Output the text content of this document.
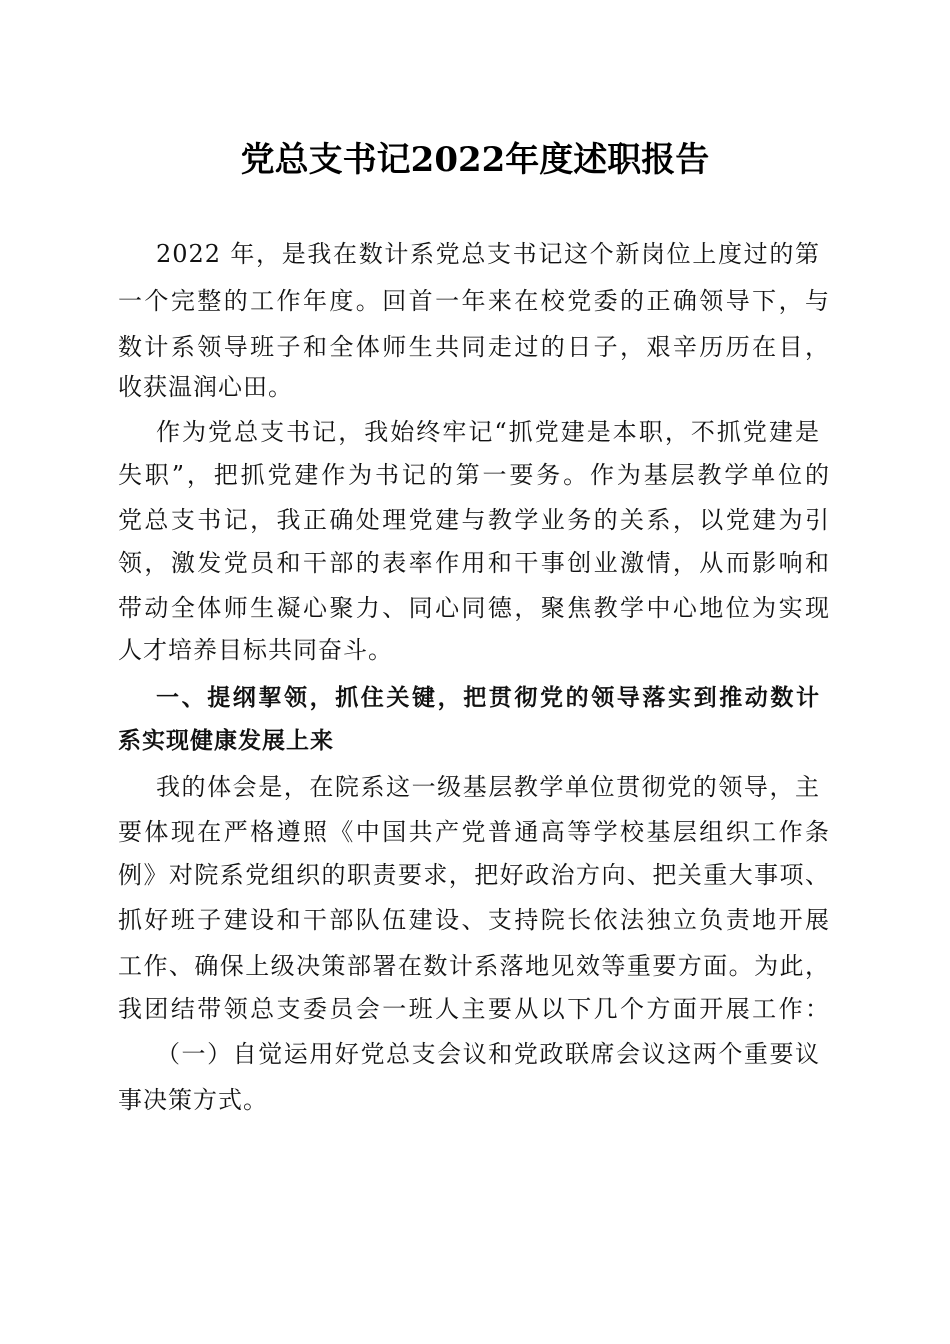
党总支书记2022年度述职报告
2022 年，是我在数计系党总支书记这个新岗位上度过的第
一个完整的工作年度。回首一年来在校党委的正确领导下，与
数计系领导班子和全体师生共同走过的日子，艰辛历历在目，
收获温润心田。
作为党总支书记，我始终牢记“抓党建是本职，不抓党建是
失职”，把抓党建作为书记的第一要务。作为基层教学单位的
党总支书记，我正确处理党建与教学业务的关系，以党建为引
领，激发党员和干部的表率作用和干事创业激情，从而影响和
带动全体师生凝心聚力、同心同德，聚焦教学中心地位为实现
人才培养目标共同奋斗。
一、提纲挈领，抓住关键，把贯彻党的领导落实到推动数计
系实现健康发展上来
我的体会是，在院系这一级基层教学单位贯彻党的领导，主
要体现在严格遵照《中国共产党普通高等学校基层组织工作条
例》对院系党组织的职责要求，把好政治方向、把关重大事项、
抓好班子建设和干部队伍建设、支持院长依法独立负责地开展
工作、确保上级决策部署在数计系落地见效等重要方面。为此，
我团结带领总支委员会一班人主要从以下几个方面开展工作：
（一）自觉运用好党总支会议和党政联席会议这两个重要议
事决策方式。
